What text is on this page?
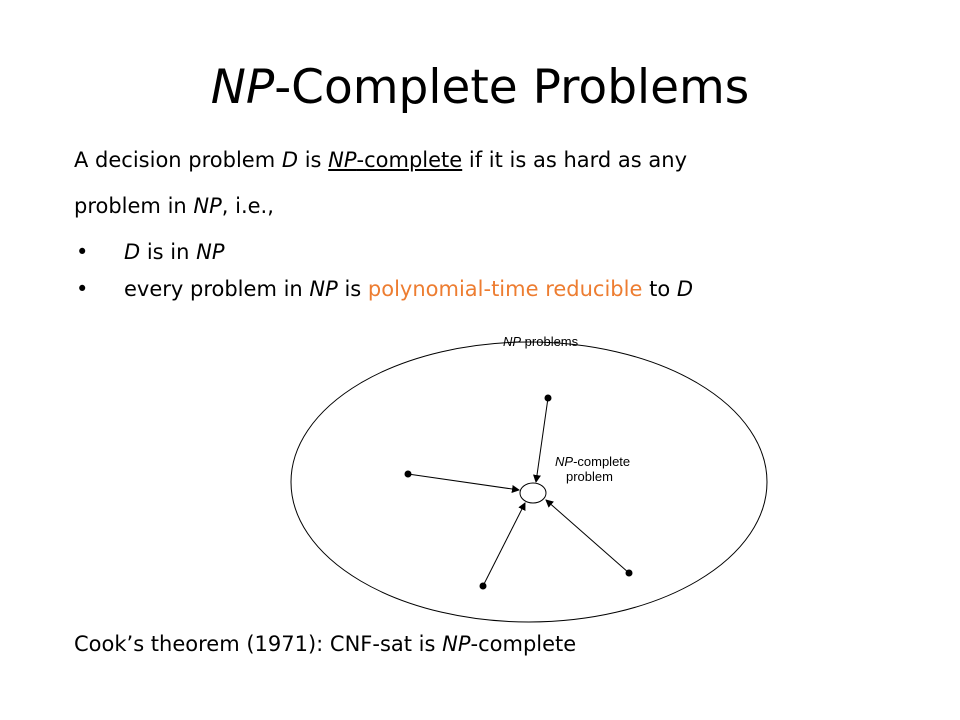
NP-Complete Problems
A decision problem D is NP-complete if it is as hard as any
problem in NP, i.e.,
• D is in NP
• every problem in NP is polynomial-time reducible to D
NP problems
NP-complete
problem
Cook’s theorem (1971): CNF-sat is NP-complete
